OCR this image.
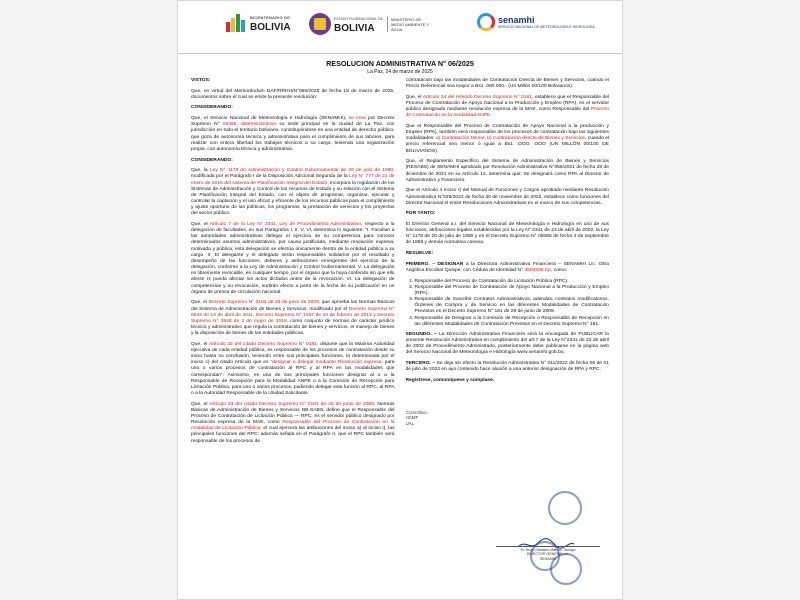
BICENTENARIO DE
BOLIVIA
ESTADO PLURINACIONAL DE
BOLIVIA
MINISTERIO DE MEDIO AMBIENTE Y AGUA
senamhi
SERVICIO NACIONAL DE METEOROLOGÍA E HIDROLOGÍA
RESOLUCION ADMINISTRATIVA N° 06/2025
La Paz, 24 de marzo de 2025

VISTOS:

Que, en virtud del Memorándum DAF/RRHH/N°066/2025 de fecha 18 de marzo de 2025, documentos sobre el cual se emite la presente resolución:

CONSIDERANDO:

Que, el Servicio Nacional de Meteorología e Hidrología (SENAMHI), se crea por Decreto Supremo N° 08465, determinándose su sede principal en la ciudad de La Paz, con jurisdicción en todo el territorio boliviano, constituyéndose en una entidad de derecho público, que goza de autonomía técnica y administrativa para el cumplimiento de sus labores, para realizar con entera libertad los trabajos técnicos a su cargo, teniendo una organización propia, con autonomía técnica y administrativa.

CONSIDERANDO:

Que, la Ley N° 1178 de Administración y Control Gubernamental de 20 de julio de 1990, modificada por el Parágrafo I de la Disposición Adicional Segunda de la Ley N° 777 de 21 de enero de 2016 del sistema de Planificación Integral del Estado, incorpora la regulación de los Sistemas de Administración y Control de los recursos de Estado y su relación con el Sistema de Planificación Integral del Estado, con el objeto de programar, organizar, ejecutar y controlar la captación y el uso eficaz y eficiente de los recursos públicos para el cumplimiento y ajuste oportuno de las políticas, los programas, la prestación de servicios y los proyectos del sector público.

Que, el Artículo 7 de la Ley N° 2341, Ley de Procedimiento Administrativo, respecto a la delegación de facultades, en sus Parágrafos I, II, V, VI, determina lo siguiente: "I. Facultan a las autoridades administrativas delegar el ejercicio de su competencia para conocer determinados asuntos administrativos, por causa justificada, mediante resolución expresa, motivada y pública, esta delegación se efectúa únicamente dentro de la entidad pública a su cargo. II. El delegante y el delegado serán responsables solidarios por el resultado y desempeño de las funciones, deberes y atribuciones emergentes del ejercicio de la delegación, conforme a la Ley de Administración y Control Gubernamental. V. La delegación es libremente revocable, en cualquier tiempo, por el órgano que la haya conferido sin que ello afecte ni pueda afectar los actos dictados antes de la revocación. VI. La delegación de competencias y su revocación, surtirán efecto a partir de la fecha de su publicación en un órgano de prensa de circulación nacional.

Que, el Decreto Supremo N° 0181 de 28 de junio de 2009, que aprueba las Normas Básicas del Sistema de Administración de Bienes y Servicios, modificado por el Decreto Supremo N° 0843 de 13 de abril de 2011, Decreto Supremo N° 1497 de 20 de febrero de 2013 y Decreto Supremo N° 3548 de 2 de mayo de 2018, como conjunto de normas de carácter jurídico técnico y administrativo que regula la contratación de bienes y servicios, el manejo de bienes y la disposición de bienes de las entidades públicas,

Que, el Artículo 32 del citado Decreto Supremo N° 0181, dispone que la Máxima Autoridad ejecutiva de cada entidad pública, es responsable de los procesos de contratación desde su inicio hasta su conclusión, teniendo entre sus principales funciones. la determinada por el inciso c) del citado Artículo que es "designar o delegar mediante Resolución expresa, para uno o varios procesos de contratación al RPC y al RPA en las modalidades que correspondan". Asimismo, es una de sus principales funciones designar al o a la Responsable de Recepción para la Modalidad ANPE o a la Comisión de Recepción para Licitación Pública, para uno o varios procesos, pudiendo delegar esta función al RPC, al RPA o a la Autoridad Responsable de la Unidad Solicitante.

Que, el Artículo 33 del citado Decreto Supremo N° 0181 de 28 de junio de 2009, Normas Básicas de Administración de Bienes y Servicios NB-SABS, define que el Responsable del Proceso de Contratación de Licitación Pública — RPC, es el servidor público designado por Resolución expresa de la MAE, como Responsable del Proceso de Contratación en la modalidad de Licitación Pública; el cual ejercerá las atribuciones del inciso a) al inciso i), las principales funciones del RPC; además señala en el Parágrafo II, que el RPC también será responsable de los procesos de

contratación bajo las modalidades de Contratación Directa de Bienes y Servicios, cuando el Precio Referencial sea mayor a Bs1 .000.000.- (Un Millón 00/100 Bolivianos).

Que, el Artículo 34 del referido Decreto Supremo N° 0181, establece que el Responsable del Proceso de Contratación de Apoyo Nacional a la Producción y Empleo (RPA), es el servidor público designado mediante resolución expresa de la MAE, como Responsable del Proceso de Contratación en la modalidad ANPE.

Que el Responsable del Proceso de Contratación de Apoyo Nacional a la producción y Empleo (RPA), también será responsable de los procesos de contratación bajo las siguientes modalidades: a) Contratación Menor, b) Contratación directa de Bienes y Servicios, cuando el precio referencial sea menor ó igual a Bs1 .OOO. OOO (UN MILLÓN 00/100 DE BOLIVIANOS).

Que, el Reglamento Específico del Sistema de Administración de Bienes y Servicios (RESABS) de SENAMHI aprobado por Resolución Administrativa N°056/2021 de fecha 28 de diciembre de 2021 en su Artículo 12, determina que: Se designará como RPA al Director de Administrativo y Financiero.

Que el Artículo 4 inciso r) del Manual de Funciones y Cargos aprobado mediante Resolución Administrativa N°026/2022 de fecha 30 de noviembre de 2022, establece como funciones del Director Nacional el emitir Resoluciones Administrativas en el marco de sus competencias.

POR TANTO:

El Director General a.i. del Servicio Nacional de Meteorología e Hidrología en uso de sus funciones, atribuciones legales establecidas por la Ley N° 2341 de 23 de abril de 2002, la Ley N° 1178 de 20 de julio de 1990 y en el Decreto Supremo N° 08465 de fecha 4 de septiembre de 1968 y demás normativa conexa.

RESUELVE:

PRIMERO. – DESIGNAR a la Directora Administrativa Financiera – SENAMHI Lic. Olna Angélica Escobar Quispe, con Cédula de Identidad N° 4604905 Cp, como:

1. Responsable del Proceso de Contratación de Licitación Pública (RPC).
2. Responsable del Proceso de Contratación de Apoyo Nacional a la Producción y Empleo (RPA).
3. Responsable de Suscribir Contratos Administrativos, adendas, contratos modificatorios, Órdenes de Compra y de Servicio en las diferentes Modalidades de Contratación Previstos en el Decreto Supremo N° 181 de 28 de junio de 2009.
4. Responsable de Designar a la Comisión de Recepción o Responsable de Recepción en las diferentes Modalidades de Contratación Previstos en el Decreto Supremo N° 181.

SEGUNDO. – La Dirección Administrativa Financiera será la encargada de PUBLICAR la presente Resolución Administrativa en cumplimiento del art.7 de la Ley N°2341 de 23 de abril de 2002 de Procedimiento Administrado, posteriormente debe publicarse en la página web del Servicio Nacional de Meteorología e Hidrología www.senamhi.gob.bo.

TERCERO. – Se deja sin efecto la Resolución Administrativa N° 011/2022 de fecha 06 de 01 de julio de 2022 en ayo contenido hace alusión a una anterior designación de RPA y RPC.

Regístrese, comuníquese y cúmplase.

Cc/Archivo
HCMT
UAL
Sr. Hugo Oswaldo Marcos Tamayo
DIRECTOR GENERAL a.i.
SENAMHI
